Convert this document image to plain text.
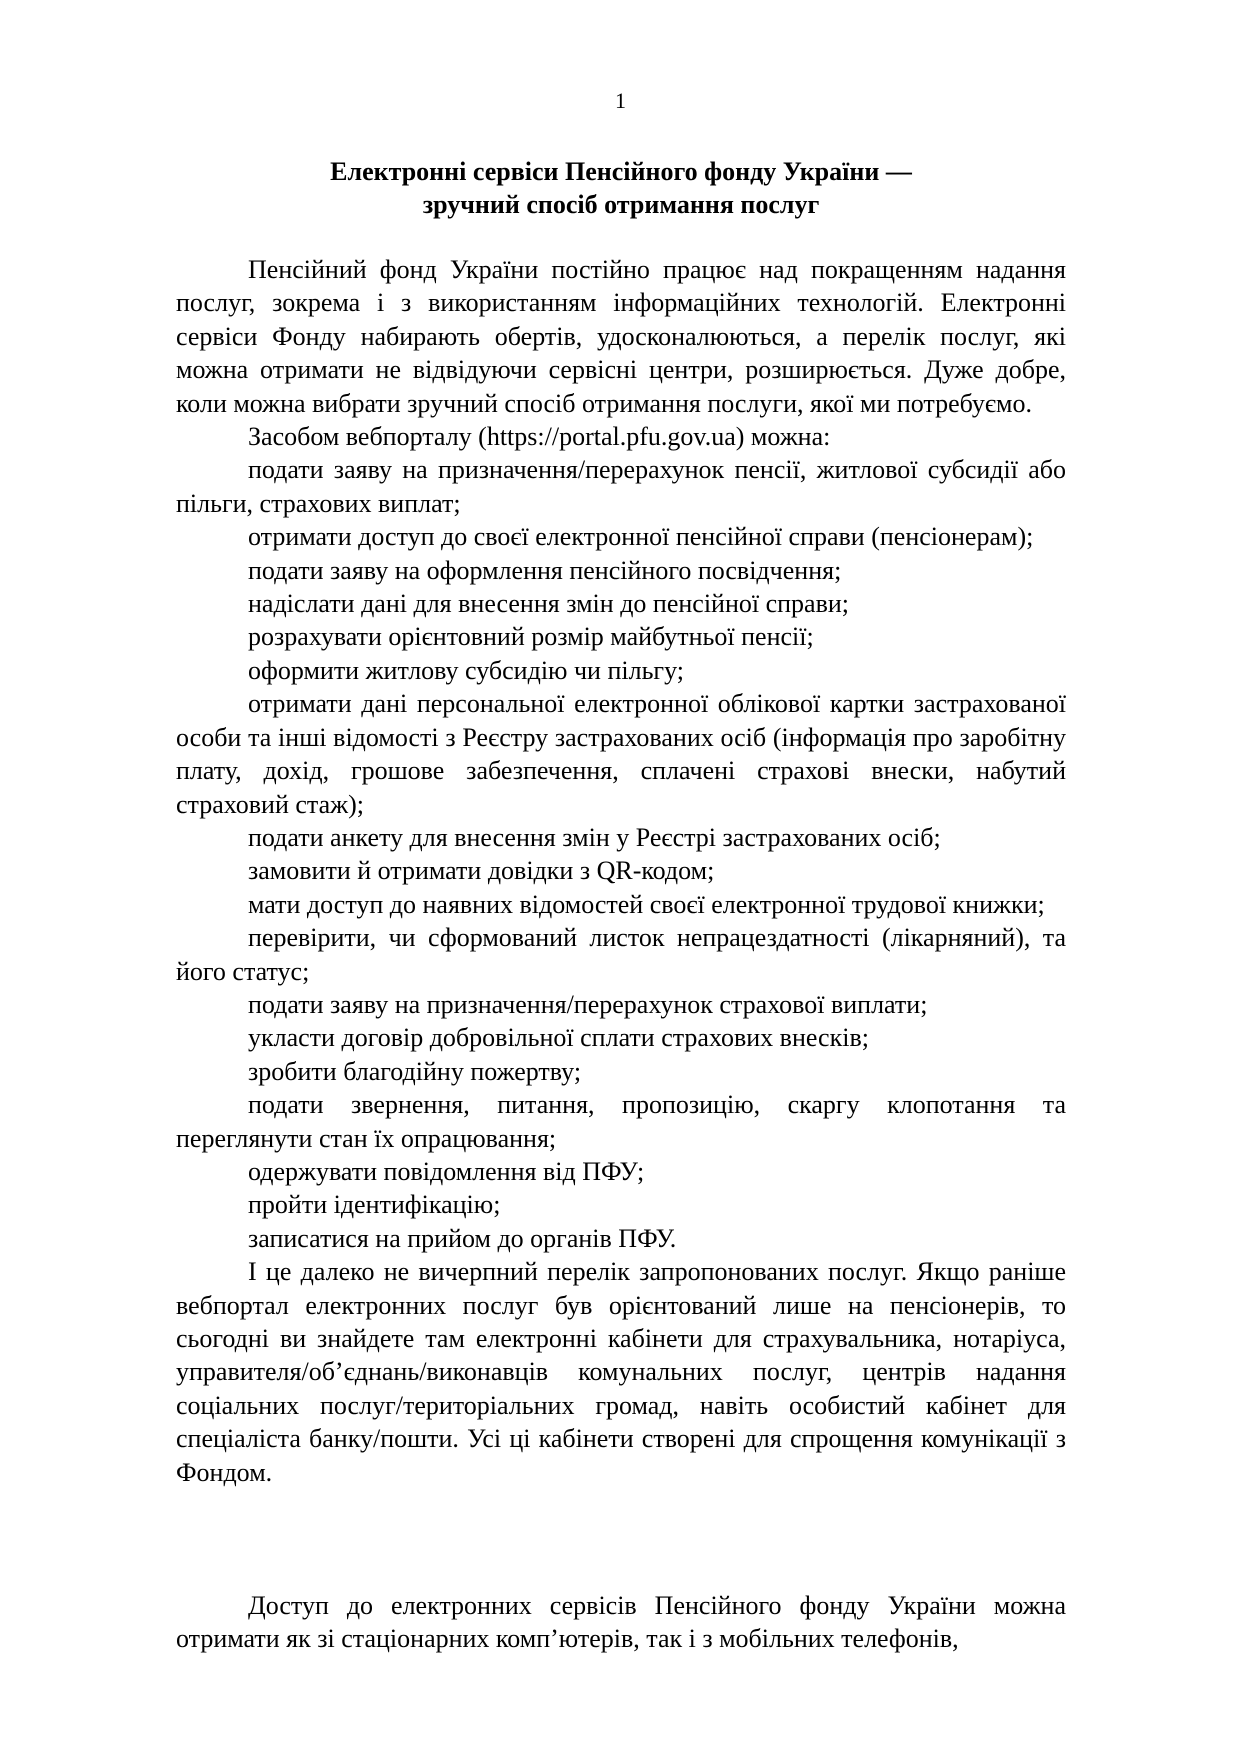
1
Електронні сервіси Пенсійного фонду України —
зручний спосіб отримання послуг

Пенсійний фонд України постійно працює над покращенням надання послуг, зокрема і з використанням інформаційних технологій. Електронні сервіси Фонду набирають обертів, удосконалюються, а перелік послуг, які можна отримати не відвідуючи сервісні центри, розширюється. Дуже добре, коли можна вибрати зручний спосіб отримання послуги, якої ми потребуємо.

Засобом вебпорталу (https://portal.pfu.gov.ua) можна:

подати заяву на призначення/перерахунок пенсії, житлової субсидії або пільги, страхових виплат;

отримати доступ до своєї електронної пенсійної справи (пенсіонерам);

подати заяву на оформлення пенсійного посвідчення;

надіслати дані для внесення змін до пенсійної справи;

розрахувати орієнтовний розмір майбутньої пенсії;

оформити житлову субсидію чи пільгу;

отримати дані персональної електронної облікової картки застрахованої особи та інші відомості з Реєстру застрахованих осіб (інформація про заробітну плату, дохід, грошове забезпечення, сплачені страхові внески, набутий страховий стаж);

подати анкету для внесення змін у Реєстрі застрахованих осіб;

замовити й отримати довідки з QR-кодом;

мати доступ до наявних відомостей своєї електронної трудової книжки;

перевірити, чи сформований листок непрацездатності (лікарняний), та його статус;

подати заяву на призначення/перерахунок страхової виплати;

укласти договір добровільної сплати страхових внесків;

зробити благодійну пожертву;

подати звернення, питання, пропозицію, скаргу клопотання та переглянути стан їх опрацювання;

одержувати повідомлення від ПФУ;

пройти ідентифікацію;

записатися на прийом до органів ПФУ.

І це далеко не вичерпний перелік запропонованих послуг. Якщо раніше вебпортал електронних послуг був орієнтований лише на пенсіонерів, то сьогодні ви знайдете там електронні кабінети для страхувальника, нотаріуса, управителя/об’єднань/виконавців комунальних послуг, центрів надання соціальних послуг/територіальних громад, навіть особистий кабінет для спеціаліста банку/пошти. Усі ці кабінети створені для спрощення комунікації з Фондом.

Доступ до електронних сервісів Пенсійного фонду України можна отримати як зі стаціонарних комп’ютерів, так і з мобільних телефонів,
